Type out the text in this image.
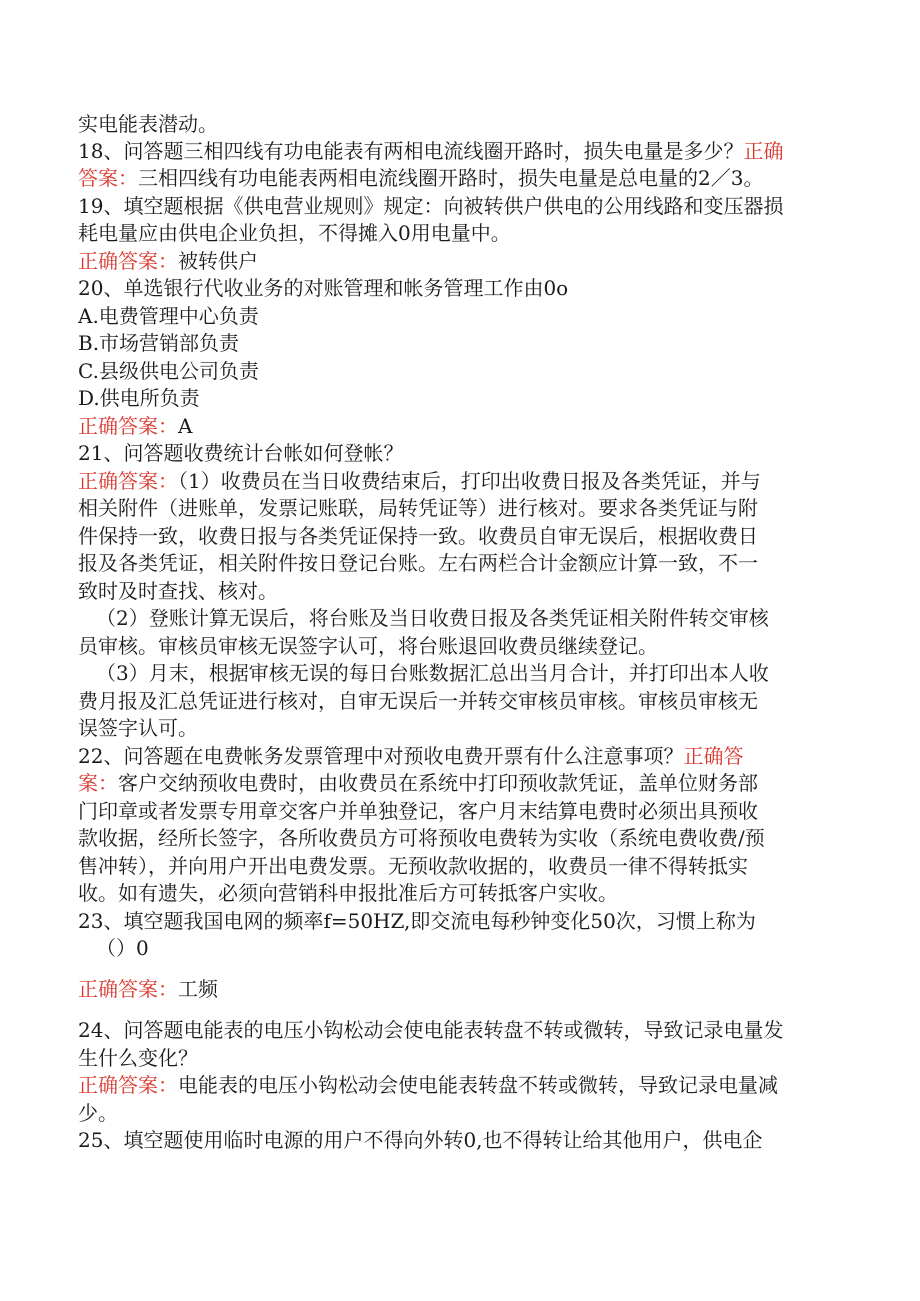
实电能表潜动。
18、问答题三相四线有功电能表有两相电流线圈开路时，损失电量是多少？正确
答案：三相四线有功电能表两相电流线圈开路时，损失电量是总电量的2／3。
19、填空题根据《供电营业规则》规定：向被转供户供电的公用线路和变压器损
耗电量应由供电企业负担，不得摊入0用电量中。
正确答案：被转供户
20、单选银行代收业务的对账管理和帐务管理工作由0o
A.电费管理中心负责
B.市场营销部负责
C.县级供电公司负责
D.供电所负责
正确答案：A
21、问答题收费统计台帐如何登帐？
正确答案：（1）收费员在当日收费结束后，打印出收费日报及各类凭证，并与
相关附件（进账单，发票记账联，局转凭证等）进行核对。要求各类凭证与附
件保持一致，收费日报与各类凭证保持一致。收费员自审无误后，根据收费日
报及各类凭证，相关附件按日登记台账。左右两栏合计金额应计算一致，不一
致时及时查找、核对。
（2）登账计算无误后，将台账及当日收费日报及各类凭证相关附件转交审核
员审核。审核员审核无误签字认可，将台账退回收费员继续登记。
（3）月末，根据审核无误的每日台账数据汇总出当月合计，并打印出本人收
费月报及汇总凭证进行核对，自审无误后一并转交审核员审核。审核员审核无
误签字认可。
22、问答题在电费帐务发票管理中对预收电费开票有什么注意事项？正确答
案：客户交纳预收电费时，由收费员在系统中打印预收款凭证，盖单位财务部
门印章或者发票专用章交客户并单独登记，客户月末结算电费时必须出具预收
款收据，经所长签字，各所收费员方可将预收电费转为实收（系统电费收费/预
售冲转），并向用户开出电费发票。无预收款收据的，收费员一律不得转抵实
收。如有遗失，必须向营销科申报批准后方可转抵客户实收。
23、填空题我国电网的频率f=50HZ,即交流电每秒钟变化50次，习惯上称为
（）0
正确答案：工频
24、问答题电能表的电压小钩松动会使电能表转盘不转或微转，导致记录电量发
生什么变化？
正确答案：电能表的电压小钩松动会使电能表转盘不转或微转，导致记录电量减
少。
25、填空题使用临时电源的用户不得向外转0,也不得转让给其他用户，供电企
